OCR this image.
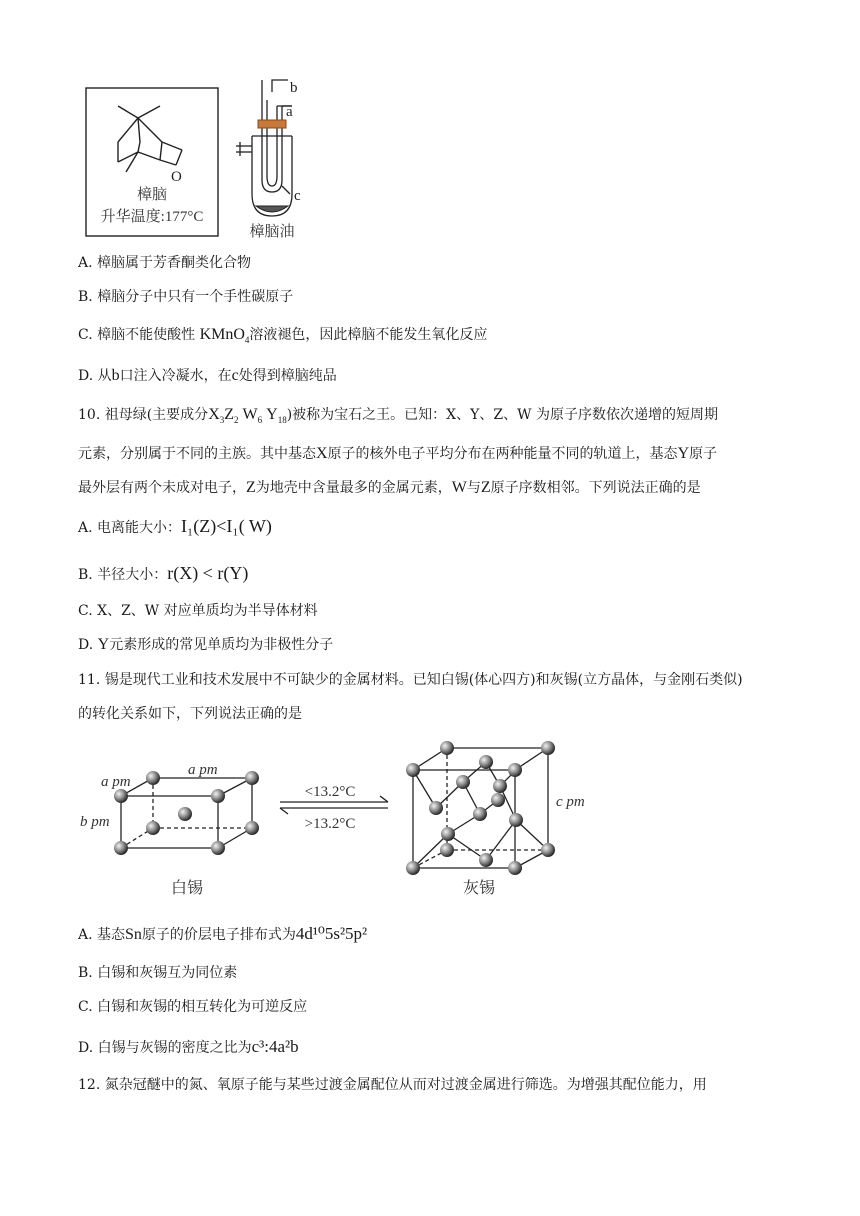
O
樟脑
升华温度:177°C
b
a
c
樟脑油
A. 樟脑属于芳香酮类化合物
B. 樟脑分子中只有一个手性碳原子
C. 樟脑不能使酸性 KMnO$_4$溶液褪色，因此樟脑不能发生氧化反应
D. 从b口注入冷凝水，在c处得到樟脑纯品
10. 祖母绿(主要成分$X_3Z_2$ $W_6$ $Y_{18}$)被称为宝石之王。已知：X、Y、Z、W 为原子序数依次递增的短周期
元素，分别属于不同的主族。其中基态X原子的核外电子平均分布在两种能量不同的轨道上，基态Y原子
最外层有两个未成对电子，Z为地壳中含量最多的金属元素，W与Z原子序数相邻。下列说法正确的是
A. 电离能大小：I₁(Z)<I₁( W)
B. 半径大小：r(X) < r(Y)
C. X、Z、W 对应单质均为半导体材料
D. Y元素形成的常见单质均为非极性分子
11. 锡是现代工业和技术发展中不可缺少的金属材料。已知白锡(体心四方)和灰锡(立方晶体，与金刚石类似)
的转化关系如下，下列说法正确的是
a pm
a pm
b pm
白锡
<13.2°C
>13.2°C
c pm
灰锡
A. 基态Sn原子的价层电子排布式为4d¹⁰5s²5p²
B. 白锡和灰锡互为同位素
C. 白锡和灰锡的相互转化为可逆反应
D. 白锡与灰锡的密度之比为c³:4a²b
12. 氮杂冠醚中的氮、氧原子能与某些过渡金属配位从而对过渡金属进行筛选。为增强其配位能力，用
